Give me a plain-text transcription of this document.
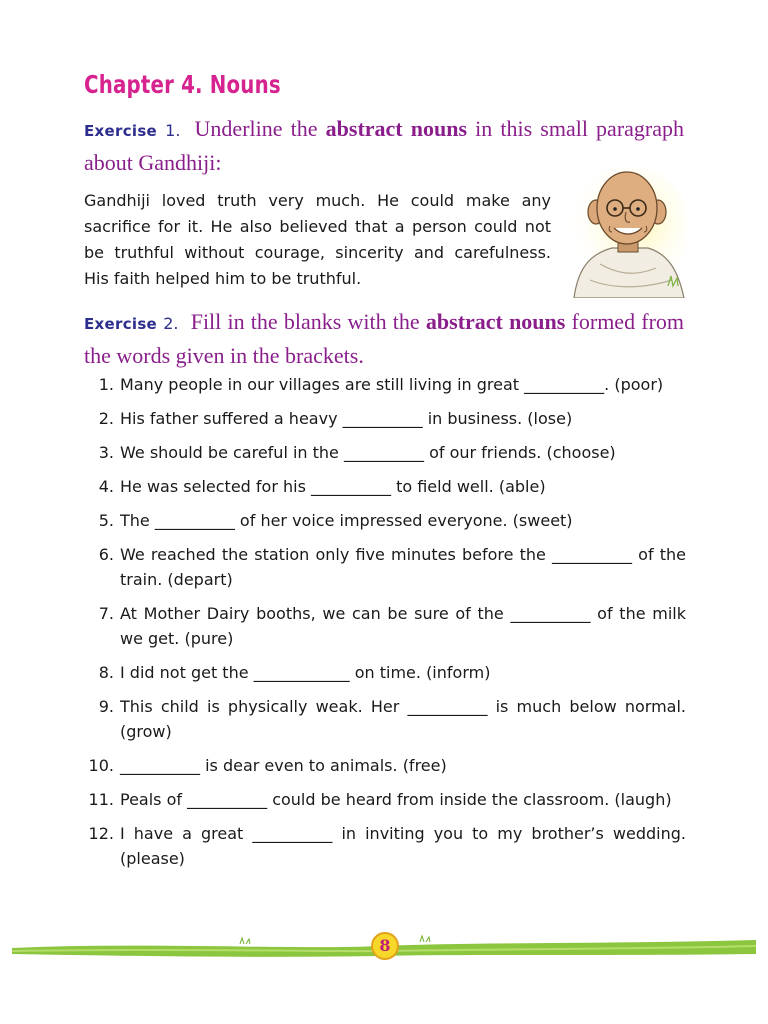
Chapter 4. Nouns
Exercise 1. Underline the abstract nouns in this small paragraph about Gandhiji:
Gandhiji loved truth very much. He could make any
sacrifice for it. He also believed that a person could not
be truthful without courage, sincerity and carefulness.
His faith helped him to be truthful.
Exercise 2. Fill in the blanks with the abstract nouns formed from the words given in the brackets.
1. Many people in our villages are still living in great __________. (poor)
2. His father suffered a heavy __________ in business. (lose)
3. We should be careful in the __________ of our friends. (choose)
4. He was selected for his __________ to field well. (able)
5. The __________ of her voice impressed everyone. (sweet)
6. We reached the station only five minutes before the __________ of the train. (depart)
7. At Mother Dairy booths, we can be sure of the __________ of the milk we get. (pure)
8. I did not get the ____________ on time. (inform)
9. This child is physically weak. Her __________ is much below normal. (grow)
10. __________ is dear even to animals. (free)
11. Peals of __________ could be heard from inside the classroom. (laugh)
12. I have a great __________ in inviting you to my brother’s wedding. (please)
8
